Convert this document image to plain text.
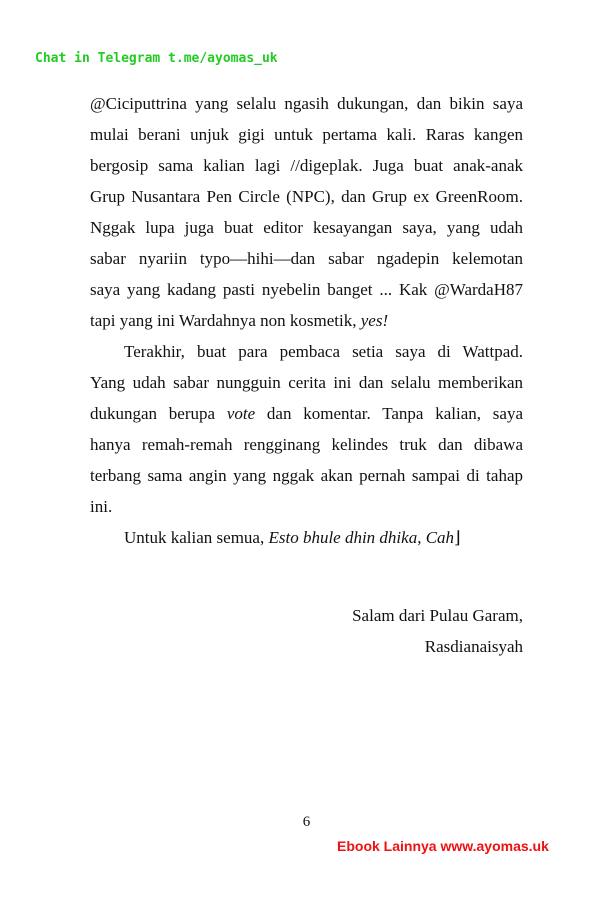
Chat in Telegram t.me/ayomas_uk
@Ciciputtrina yang selalu ngasih dukungan, dan bikin saya
mulai berani unjuk gigi untuk pertama kali. Raras kangen
bergosip sama kalian lagi //digeplak. Juga buat anak-anak
Grup Nusantara Pen Circle (NPC), dan Grup ex GreenRoom.
Nggak lupa juga buat editor kesayangan saya, yang udah
sabar nyariin typo—hihi—dan sabar ngadepin kelemotan
saya yang kadang pasti nyebelin banget ... Kak @WardaH87
tapi yang ini Wardahnya non kosmetik, yes!
Terakhir, buat para pembaca setia saya di Wattpad.
Yang udah sabar nungguin cerita ini dan selalu memberikan
dukungan berupa vote dan komentar. Tanpa kalian, saya
hanya remah-remah rengginang kelindes truk dan dibawa
terbang sama angin yang nggak akan pernah sampai di tahap
ini.
Untuk kalian semua, Esto bhule dhin dhika, Cah⌋
Salam dari Pulau Garam,
Rasdianaisyah
6
Ebook Lainnya www.ayomas.uk
